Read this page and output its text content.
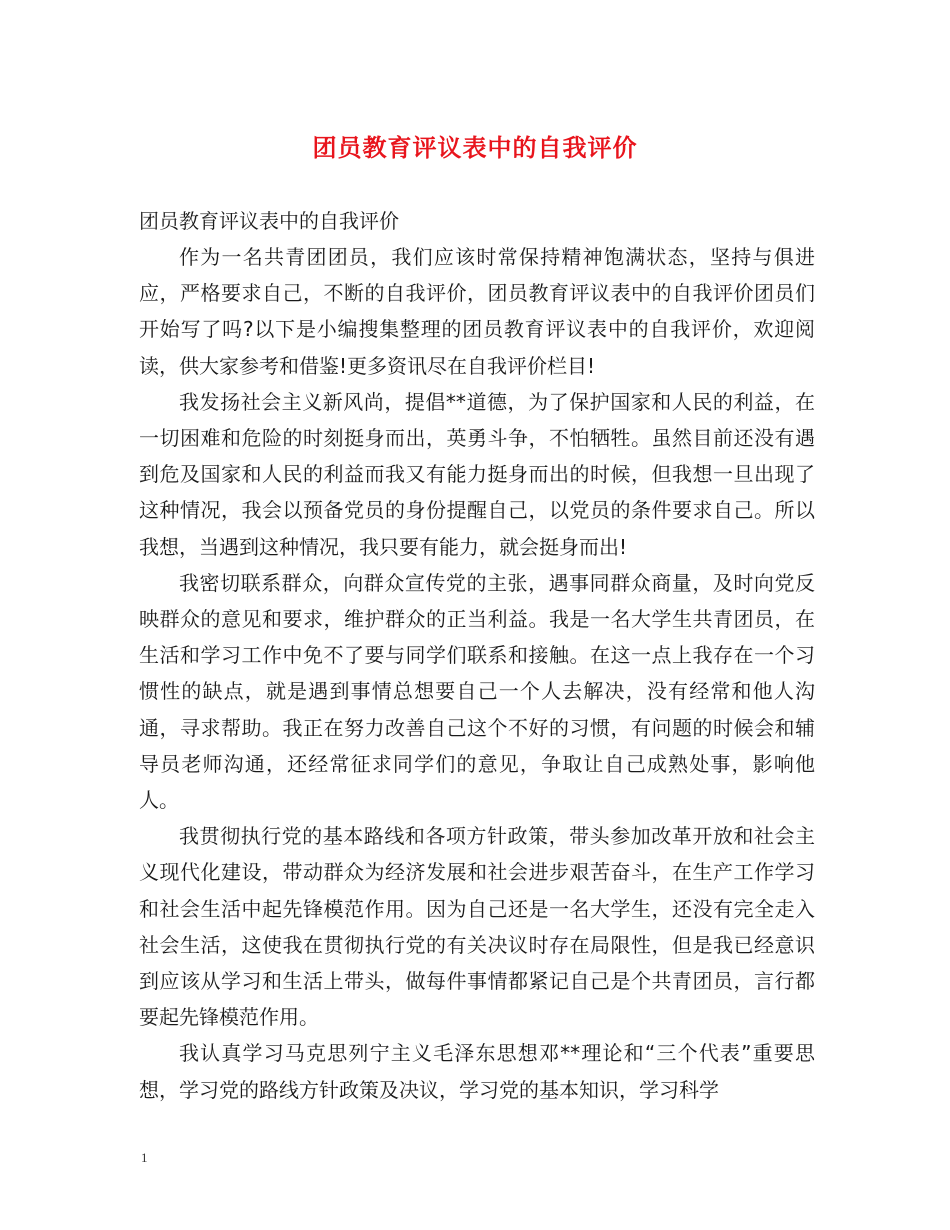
团员教育评议表中的自我评价

团员教育评议表中的自我评价

作为一名共青团团员，我们应该时常保持精神饱满状态，坚持与俱进应，严格要求自己，不断的自我评价，团员教育评议表中的自我评价团员们开始写了吗?以下是小编搜集整理的团员教育评议表中的自我评价，欢迎阅读，供大家参考和借鉴!更多资讯尽在自我评价栏目!

我发扬社会主义新风尚，提倡**道德，为了保护国家和人民的利益，在一切困难和危险的时刻挺身而出，英勇斗争，不怕牺牲。虽然目前还没有遇到危及国家和人民的利益而我又有能力挺身而出的时候，但我想一旦出现了这种情况，我会以预备党员的身份提醒自己，以党员的条件要求自己。所以我想，当遇到这种情况，我只要有能力，就会挺身而出!

我密切联系群众，向群众宣传党的主张，遇事同群众商量，及时向党反映群众的意见和要求，维护群众的正当利益。我是一名大学生共青团员，在生活和学习工作中免不了要与同学们联系和接触。在这一点上我存在一个习惯性的缺点，就是遇到事情总想要自己一个人去解决，没有经常和他人沟通，寻求帮助。我正在努力改善自己这个不好的习惯，有问题的时候会和辅导员老师沟通，还经常征求同学们的意见，争取让自己成熟处事，影响他人。

我贯彻执行党的基本路线和各项方针政策，带头参加改革开放和社会主义现代化建设，带动群众为经济发展和社会进步艰苦奋斗，在生产工作学习和社会生活中起先锋模范作用。因为自己还是一名大学生，还没有完全走入社会生活，这使我在贯彻执行党的有关决议时存在局限性，但是我已经意识到应该从学习和生活上带头，做每件事情都紧记自己是个共青团员，言行都要起先锋模范作用。

我认真学习马克思列宁主义毛泽东思想邓**理论和“三个代表”重要思想，学习党的路线方针政策及决议，学习党的基本知识，学习科学

1
